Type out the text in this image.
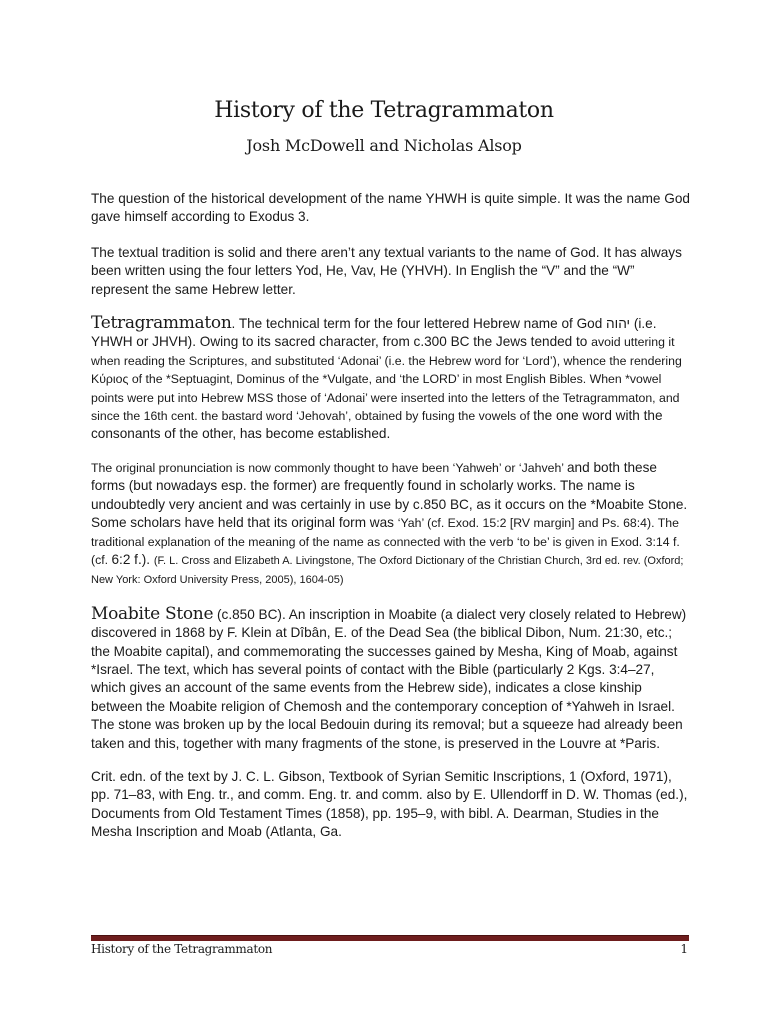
History of the Tetragrammaton
Josh McDowell and Nicholas Alsop

The question of the historical development of the name YHWH is quite simple. It was the name God gave himself according to Exodus 3.

The textual tradition is solid and there aren’t any textual variants to the name of God. It has always been written using the four letters Yod, He, Vav, He (YHVH). In English the “V” and the “W” represent the same Hebrew letter.

Tetragrammaton. The technical term for the four lettered Hebrew name of God יהוה (i.e. YHWH or JHVH). Owing to its sacred character, from c.300 BC the Jews tended to avoid uttering it when reading the Scriptures, and substituted ‘Adonai’ (i.e. the Hebrew word for ‘Lord’), whence the rendering Κύριος of the *Septuagint, Dominus of the *Vulgate, and ‘the LORD’ in most English Bibles. When *vowel points were put into Hebrew MSS those of ‘Adonai’ were inserted into the letters of the Tetragrammaton, and since the 16th cent. the bastard word ‘Jehovah’, obtained by fusing the vowels of the one word with the consonants of the other, has become established.

The original pronunciation is now commonly thought to have been ‘Yahweh’ or ‘Jahveh’ and both these forms (but nowadays esp. the former) are frequently found in scholarly works. The name is undoubtedly very ancient and was certainly in use by c.850 BC, as it occurs on the *Moabite Stone. Some scholars have held that its original form was ‘Yah’ (cf. Exod. 15:2 [RV margin] and Ps. 68:4). The traditional explanation of the meaning of the name as connected with the verb ‘to be’ is given in Exod. 3:14 f. (cf. 6:2 f.). (F. L. Cross and Elizabeth A. Livingstone, The Oxford Dictionary of the Christian Church, 3rd ed. rev. (Oxford; New York: Oxford University Press, 2005), 1604-05)

Moabite Stone (c.850 BC). An inscription in Moabite (a dialect very closely related to Hebrew) discovered in 1868 by F. Klein at Dîbân, E. of the Dead Sea (the biblical Dibon, Num. 21:30, etc.; the Moabite capital), and commemorating the successes gained by Mesha, King of Moab, against *Israel. The text, which has several points of contact with the Bible (particularly 2 Kgs. 3:4–27, which gives an account of the same events from the Hebrew side), indicates a close kinship between the Moabite religion of Chemosh and the contemporary conception of *Yahweh in Israel. The stone was broken up by the local Bedouin during its removal; but a squeeze had already been taken and this, together with many fragments of the stone, is preserved in the Louvre at *Paris.

Crit. edn. of the text by J. C. L. Gibson, Textbook of Syrian Semitic Inscriptions, 1 (Oxford, 1971), pp. 71–83, with Eng. tr., and comm. Eng. tr. and comm. also by E. Ullendorff in D. W. Thomas (ed.), Documents from Old Testament Times (1858), pp. 195–9, with bibl. A. Dearman, Studies in the Mesha Inscription and Moab (Atlanta, Ga.

History of the Tetragrammaton	1
